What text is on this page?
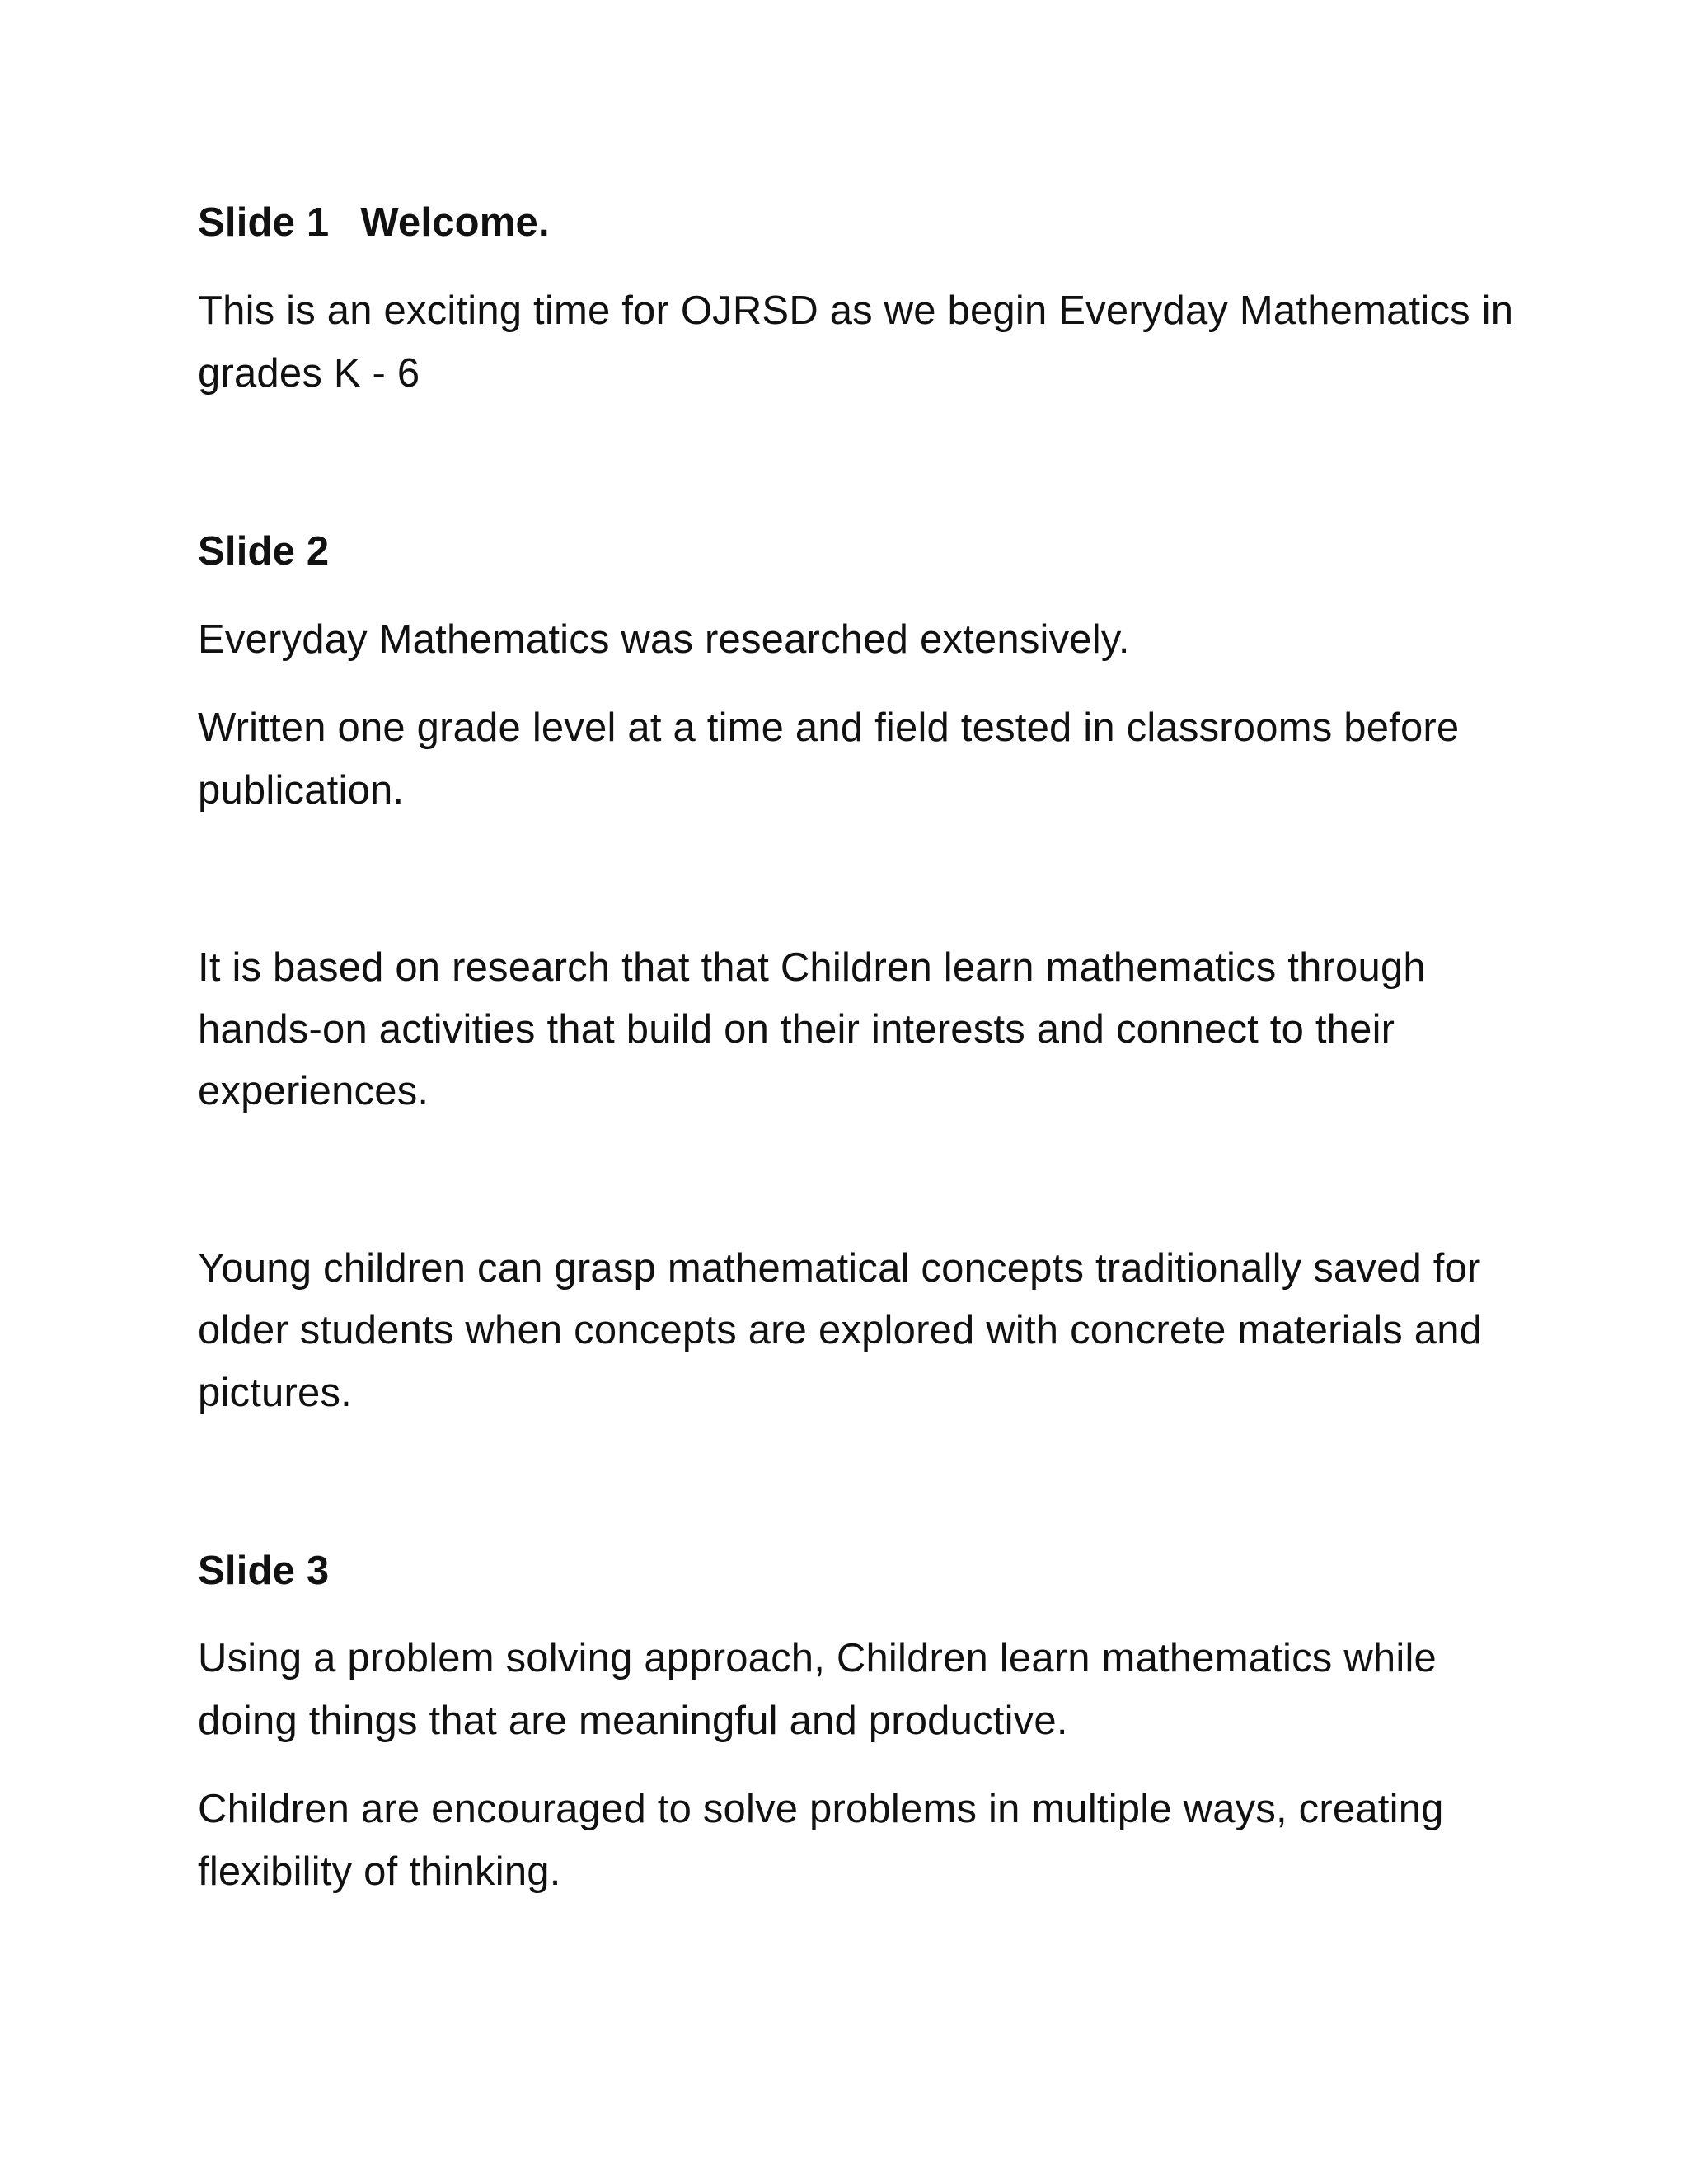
Slide 1 Welcome.
This is an exciting time for OJRSD as we begin Everyday Mathematics in
grades K - 6
Slide 2
Everyday Mathematics was researched extensively.
Written one grade level at a time and field tested in classrooms before
publication.
It is based on research that that Children learn mathematics through
hands-on activities that build on their interests and connect to their
experiences.
Young children can grasp mathematical concepts traditionally saved for
older students when concepts are explored with concrete materials and
pictures.
Slide 3
Using a problem solving approach, Children learn mathematics while
doing things that are meaningful and productive.
Children are encouraged to solve problems in multiple ways, creating
flexibility of thinking.
